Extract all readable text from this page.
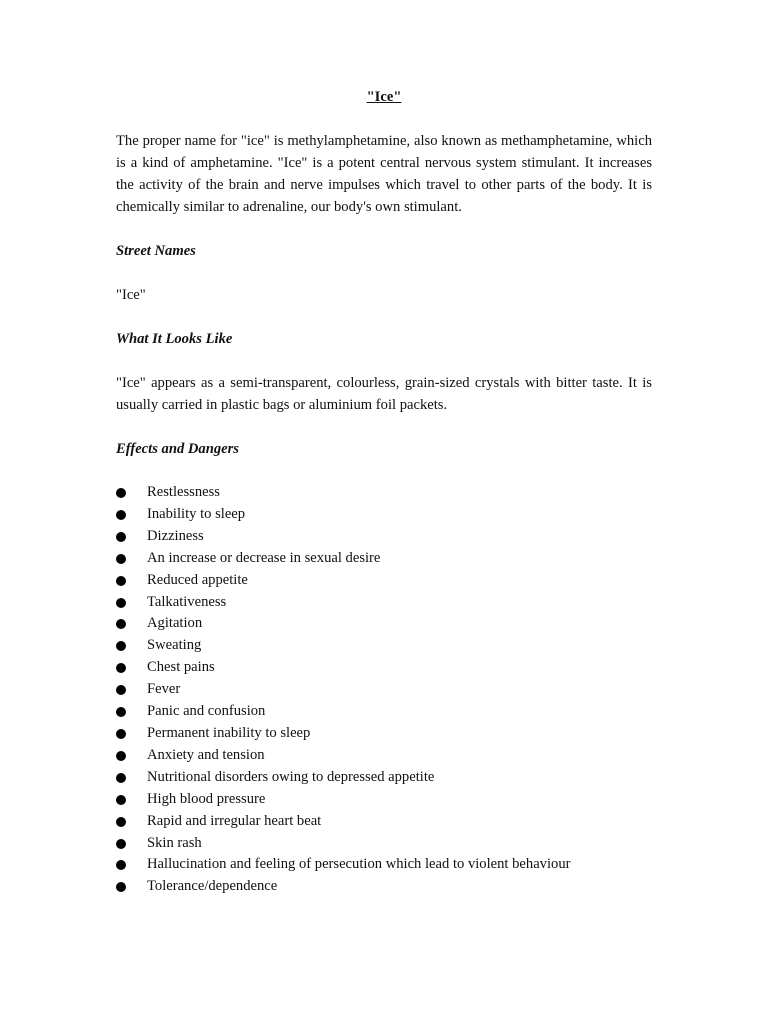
"Ice"

The proper name for "ice" is methylamphetamine, also known as methamphetamine, which is a kind of amphetamine. "Ice" is a potent central nervous system stimulant. It increases the activity of the brain and nerve impulses which travel to other parts of the body. It is chemically similar to adrenaline, our body's own stimulant.

Street Names

"Ice"

What It Looks Like

"Ice" appears as a semi-transparent, colourless, grain-sized crystals with bitter taste. It is usually carried in plastic bags or aluminium foil packets.

Effects and Dangers
Restlessness
Inability to sleep
Dizziness
An increase or decrease in sexual desire
Reduced appetite
Talkativeness
Agitation
Sweating
Chest pains
Fever
Panic and confusion
Permanent inability to sleep
Anxiety and tension
Nutritional disorders owing to depressed appetite
High blood pressure
Rapid and irregular heart beat
Skin rash
Hallucination and feeling of persecution which lead to violent behaviour
Tolerance/dependence
